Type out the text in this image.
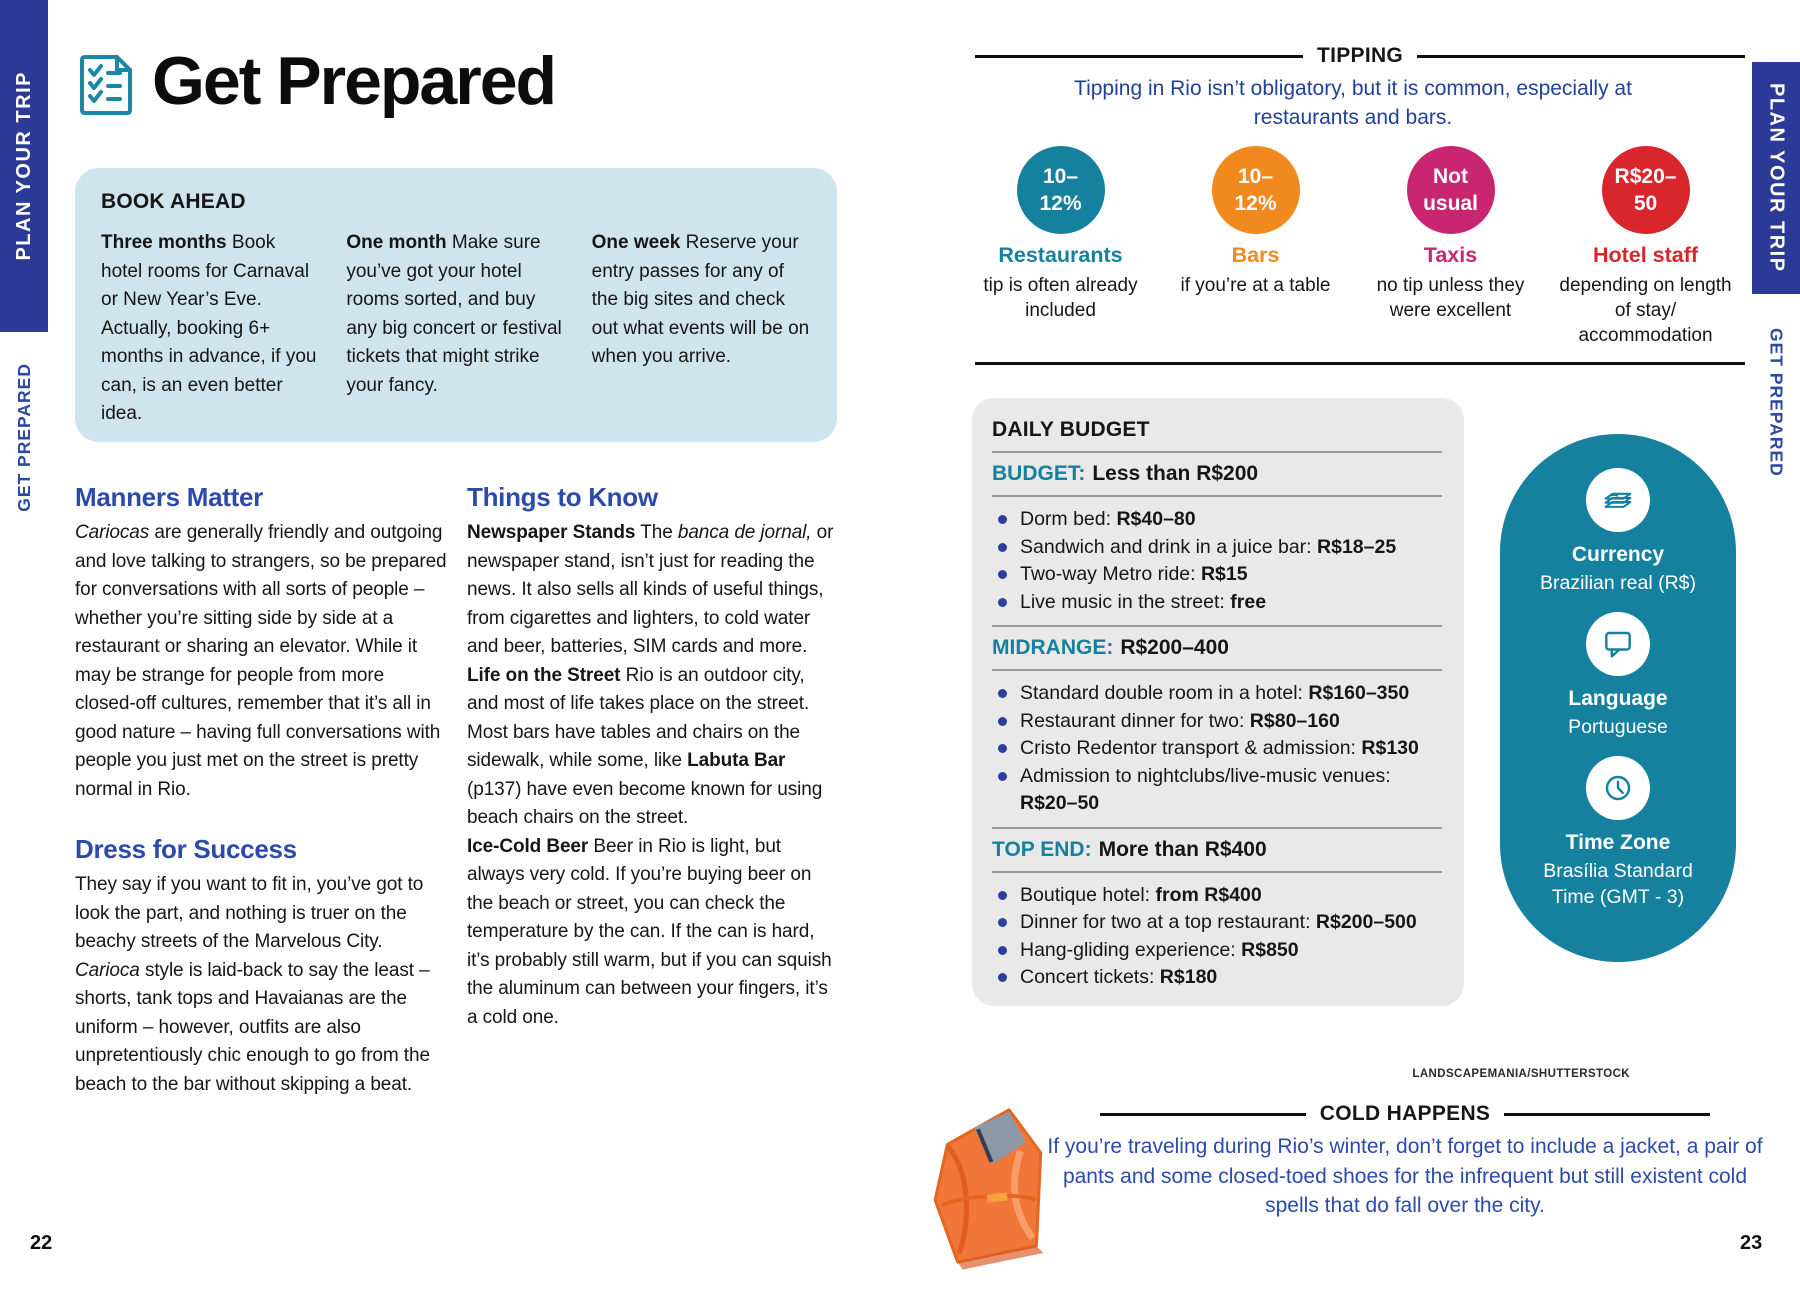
PLAN YOUR TRIP
GET PREPARED
PLAN YOUR TRIP
GET PREPARED
Get Prepared
BOOK AHEAD
Three months Book hotel rooms for Carnaval or New Year’s Eve. Actually, booking 6+ months in advance, if you can, is an even better idea.
One month Make sure you’ve got your hotel rooms sorted, and buy any big concert or festival tickets that might strike your fancy.
One week Reserve your entry passes for any of the big sites and check out what events will be on when you arrive.
Manners Matter

Cariocas are generally friendly and outgoing and love talking to strangers, so be prepared for conversations with all sorts of people – whether you’re sitting side by side at a restaurant or sharing an elevator. While it may be strange for people from more closed-off cultures, remember that it’s all in good nature – having full conversations with people you just met on the street is pretty normal in Rio.

Dress for Success

They say if you want to fit in, you’ve got to look the part, and nothing is truer on the beachy streets of the Marvelous City. Carioca style is laid-back to say the least – shorts, tank tops and Havaianas are the uniform – however, outfits are also unpretentiously chic enough to go from the beach to the bar without skipping a beat.

Things to Know

Newspaper Stands The banca de jornal, or newspaper stand, isn’t just for reading the news. It also sells all kinds of useful things, from cigarettes and lighters, to cold water and beer, batteries, SIM cards and more.

Life on the Street Rio is an outdoor city, and most of life takes place on the street. Most bars have tables and chairs on the sidewalk, while some, like Labuta Bar (p137) have even become known for using beach chairs on the street.

Ice-Cold Beer Beer in Rio is light, but always very cold. If you’re buying beer on the beach or street, you can check the temperature by the can. If the can is hard, it’s probably still warm, but if you can squish the aluminum can between your fingers, it’s a cold one.

TIPPING
Tipping in Rio isn’t obligatory, but it is common, especially at restaurants and bars.
10–
12%
Restaurants
tip is often already included
10–
12%
Bars
if you’re at a table
Not
usual
Taxis
no tip unless they were excellent
R$20–
50
Hotel staff
depending on length of stay/ accommodation
DAILY BUDGET
BUDGET: Less than R$200
Dorm bed: R$40–80
Sandwich and drink in a juice bar: R$18–25
Two-way Metro ride: R$15
Live music in the street: free
MIDRANGE: R$200–400
Standard double room in a hotel: R$160–350
Restaurant dinner for two: R$80–160
Cristo Redentor transport & admission: R$130
Admission to nightclubs/live-music venues: R$20–50
TOP END: More than R$400
Boutique hotel: from R$400
Dinner for two at a top restaurant: R$200–500
Hang-gliding experience: R$850
Concert tickets: R$180
Currency
Brazilian real (R$)
Language
Portuguese
Time Zone
Brasília Standard Time (GMT - 3)
LANDSCAPEMANIA/SHUTTERSTOCK
COLD HAPPENS
If you’re traveling during Rio’s winter, don’t forget to include a jacket, a pair of pants and some closed-toed shoes for the infrequent but still existent cold spells that do fall over the city.
22	23
